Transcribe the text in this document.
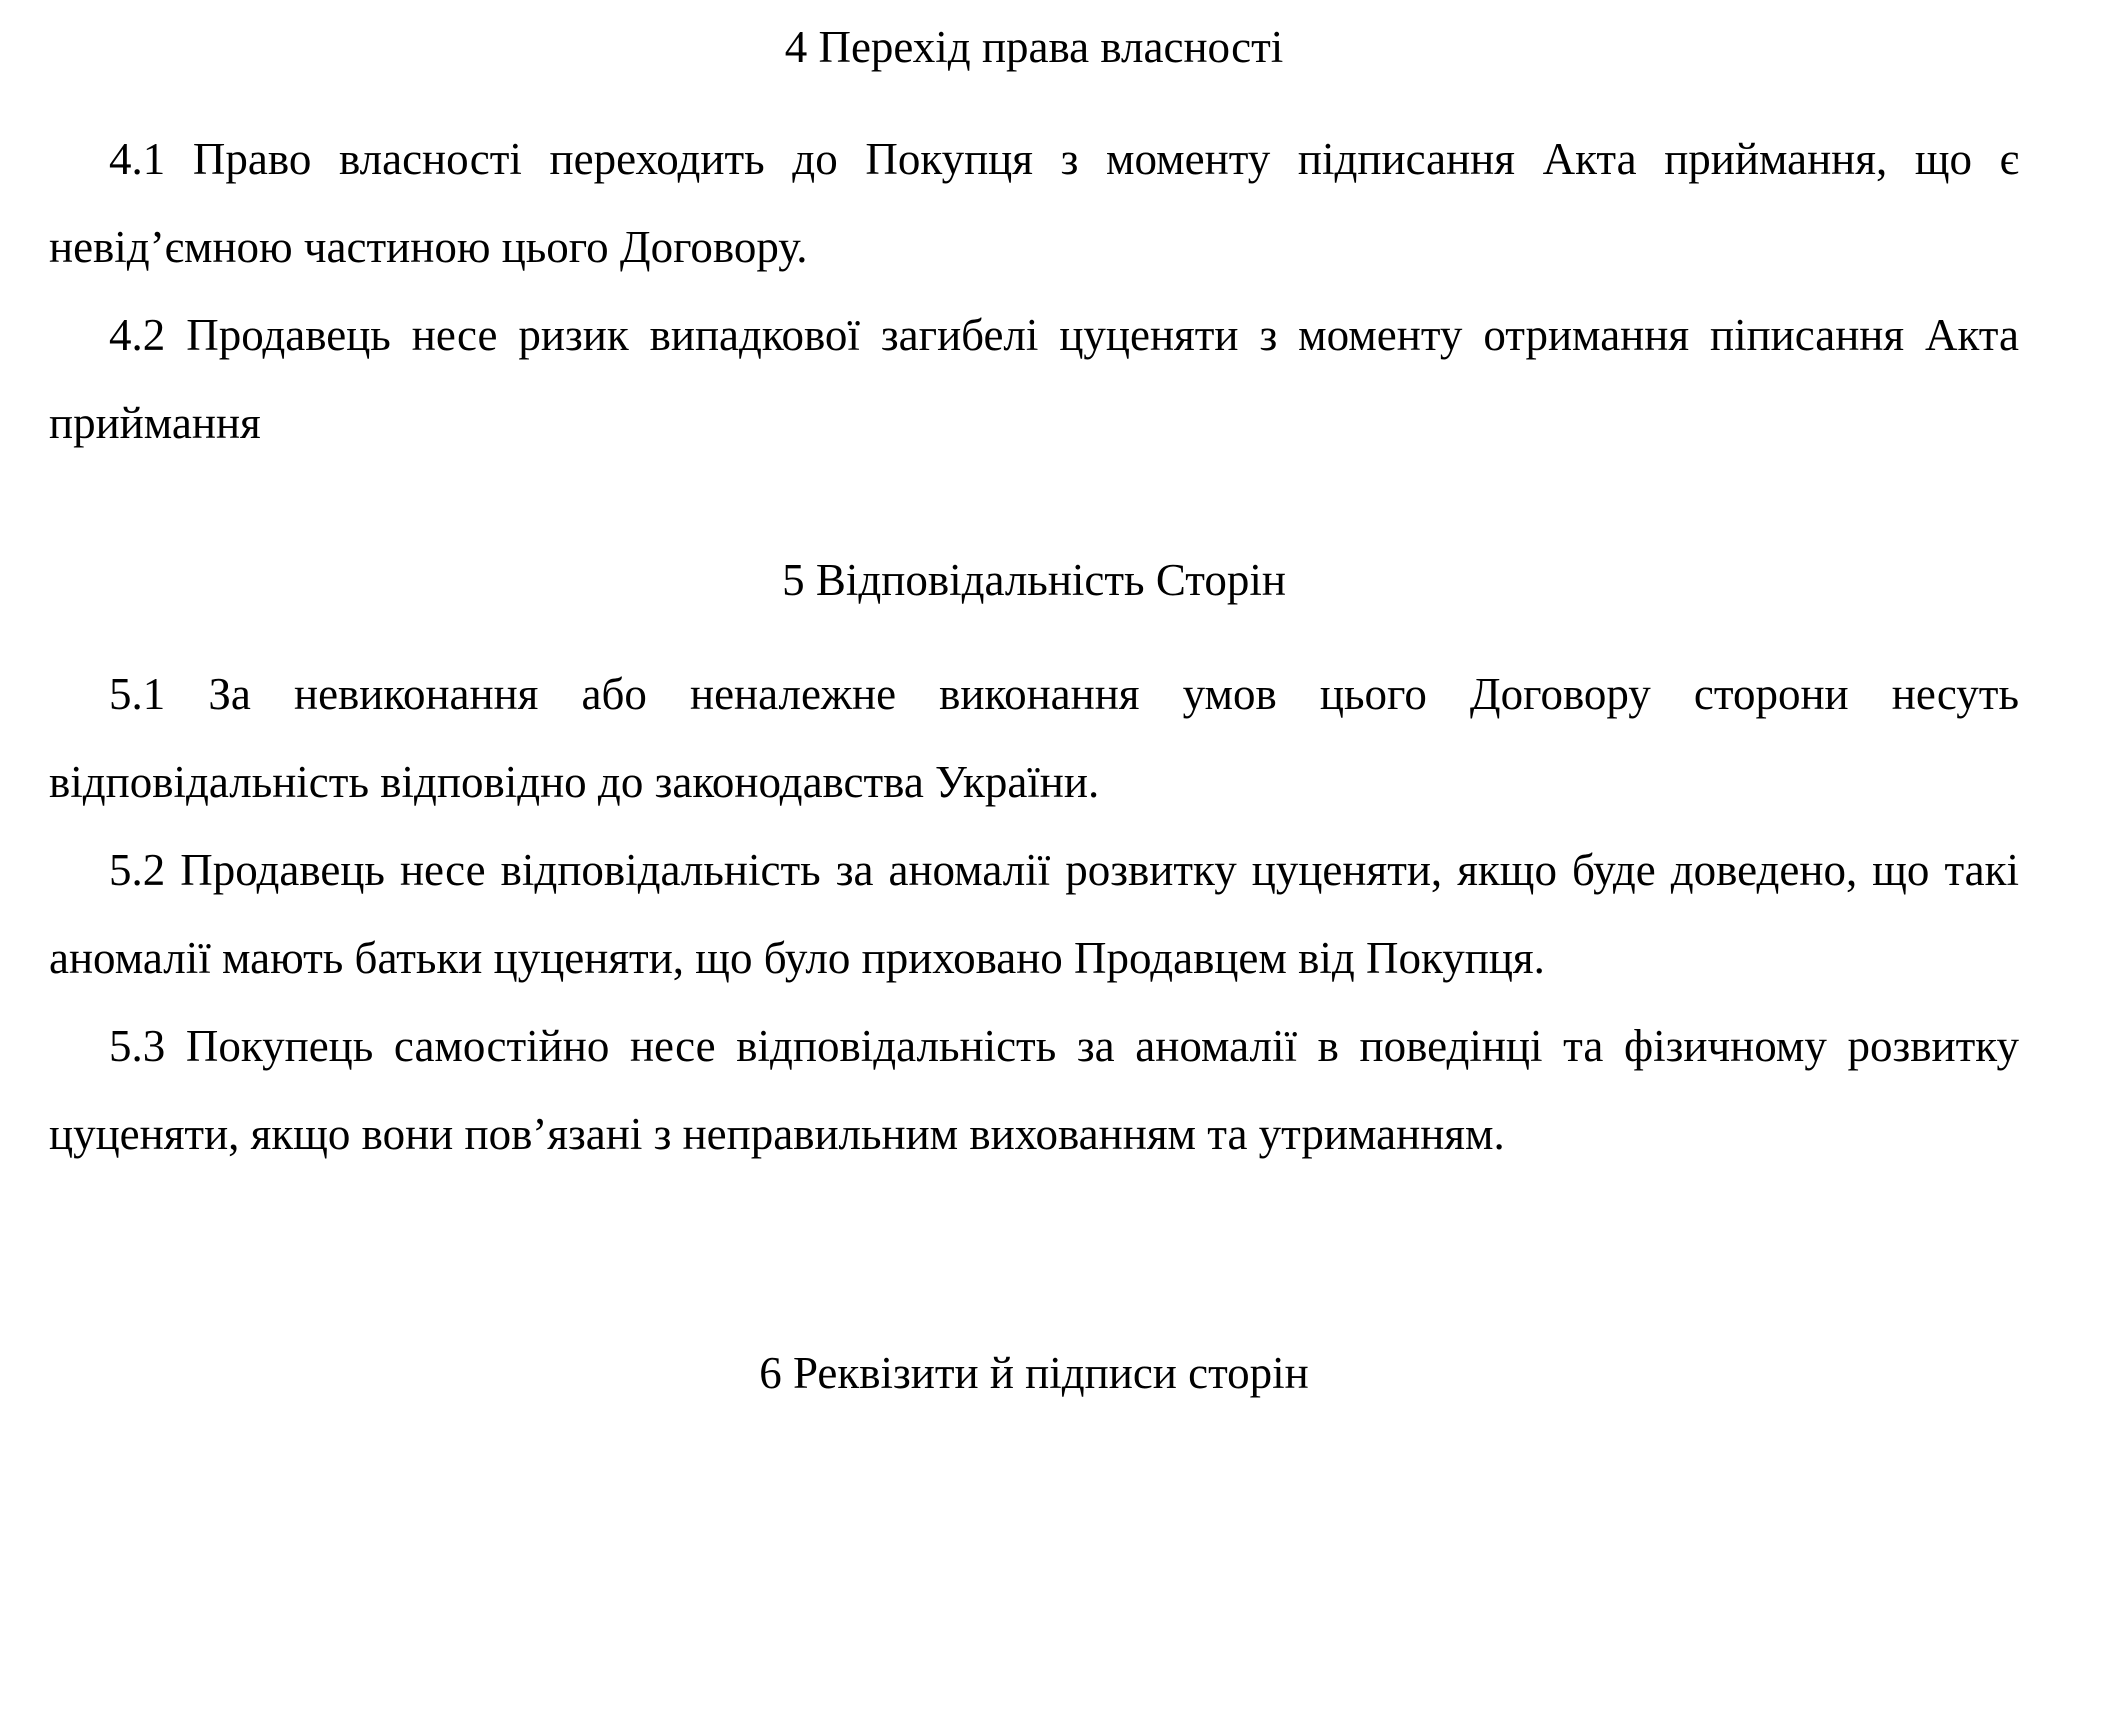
4 Перехід права власності

4.1 Право власності переходить до Покупця з моменту підписання Акта приймання, що є невід’ємною частиною цього Договору.

4.2 Продавець несе ризик випадкової загибелі цуценяти з моменту отримання піписання Акта приймання

5 Відповідальність Сторін

5.1 За невиконання або неналежне виконання умов цього Договору сторони несуть відповідальність відповідно до законодавства України.

5.2 Продавець несе відповідальність за аномалії розвитку цуценяти, якщо буде доведено, що такі аномалії мають батьки цуценяти, що було приховано Продавцем від Покупця.

5.3 Покупець самостійно несе відповідальність за аномалії в поведінці та фізичному розвитку цуценяти, якщо вони пов’язані з неправильним вихованням та утриманням.

6 Реквізити й підписи сторін
